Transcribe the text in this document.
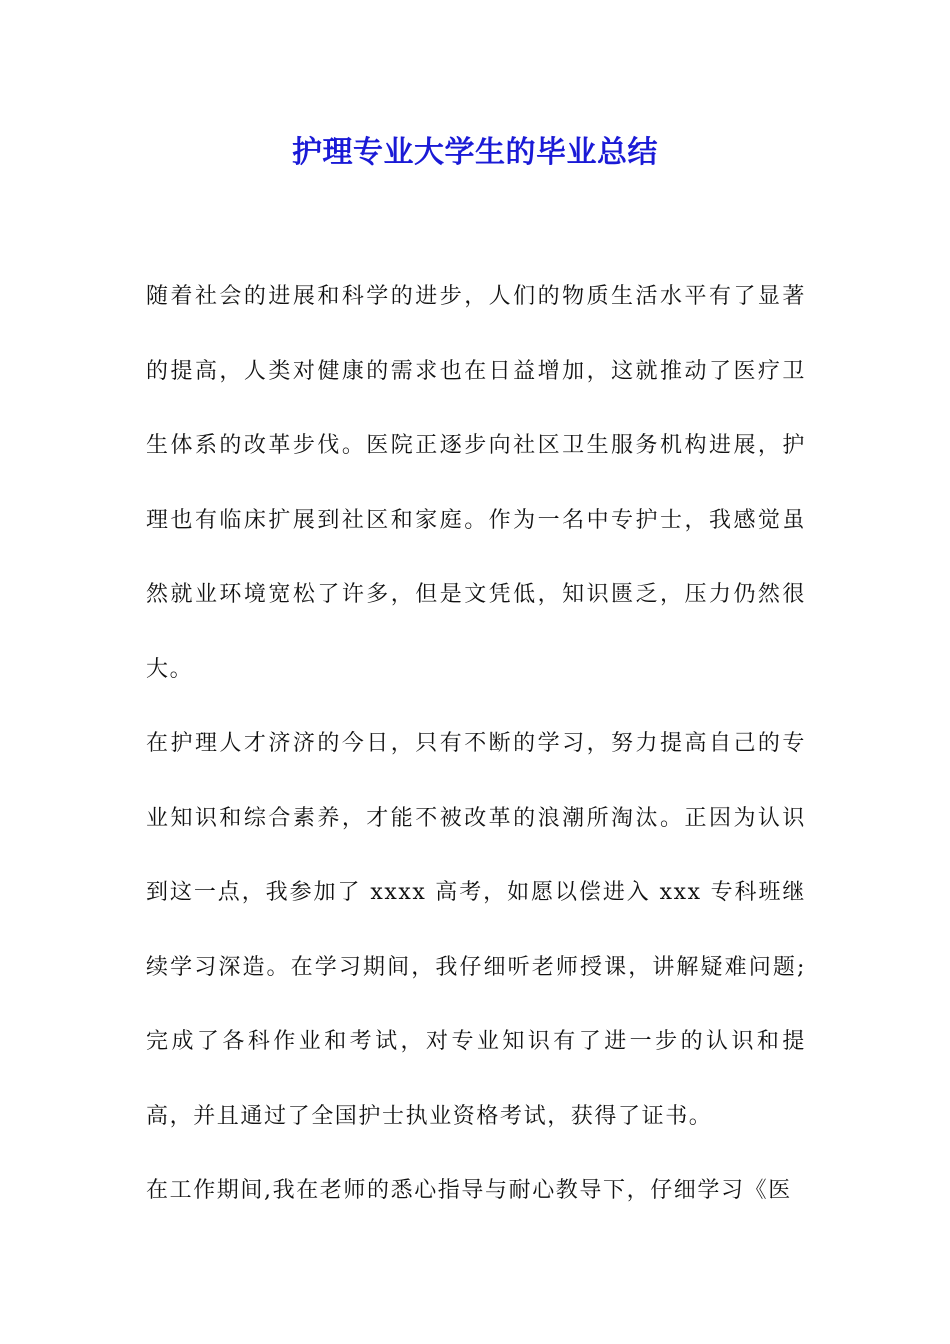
护理专业大学生的毕业总结

随着社会的进展和科学的进步，人们的物质生活水平有了显著的提高，人类对健康的需求也在日益增加，这就推动了医疗卫生体系的改革步伐。医院正逐步向社区卫生服务机构进展，护理也有临床扩展到社区和家庭。作为一名中专护士，我感觉虽然就业环境宽松了许多，但是文凭低，知识匮乏，压力仍然很大。

在护理人才济济的今日，只有不断的学习，努力提高自己的专业知识和综合素养，才能不被改革的浪潮所淘汰。正因为认识到这一点，我参加了 xxxx 高考，如愿以偿进入 xxx 专科班继续学习深造。在学习期间，我仔细听老师授课，讲解疑难问题;完成了各科作业和考试，对专业知识有了进一步的认识和提高，并且通过了全国护士执业资格考试，获得了证书。

在工作期间,我在老师的悉心指导与耐心教导下，仔细学习《医
